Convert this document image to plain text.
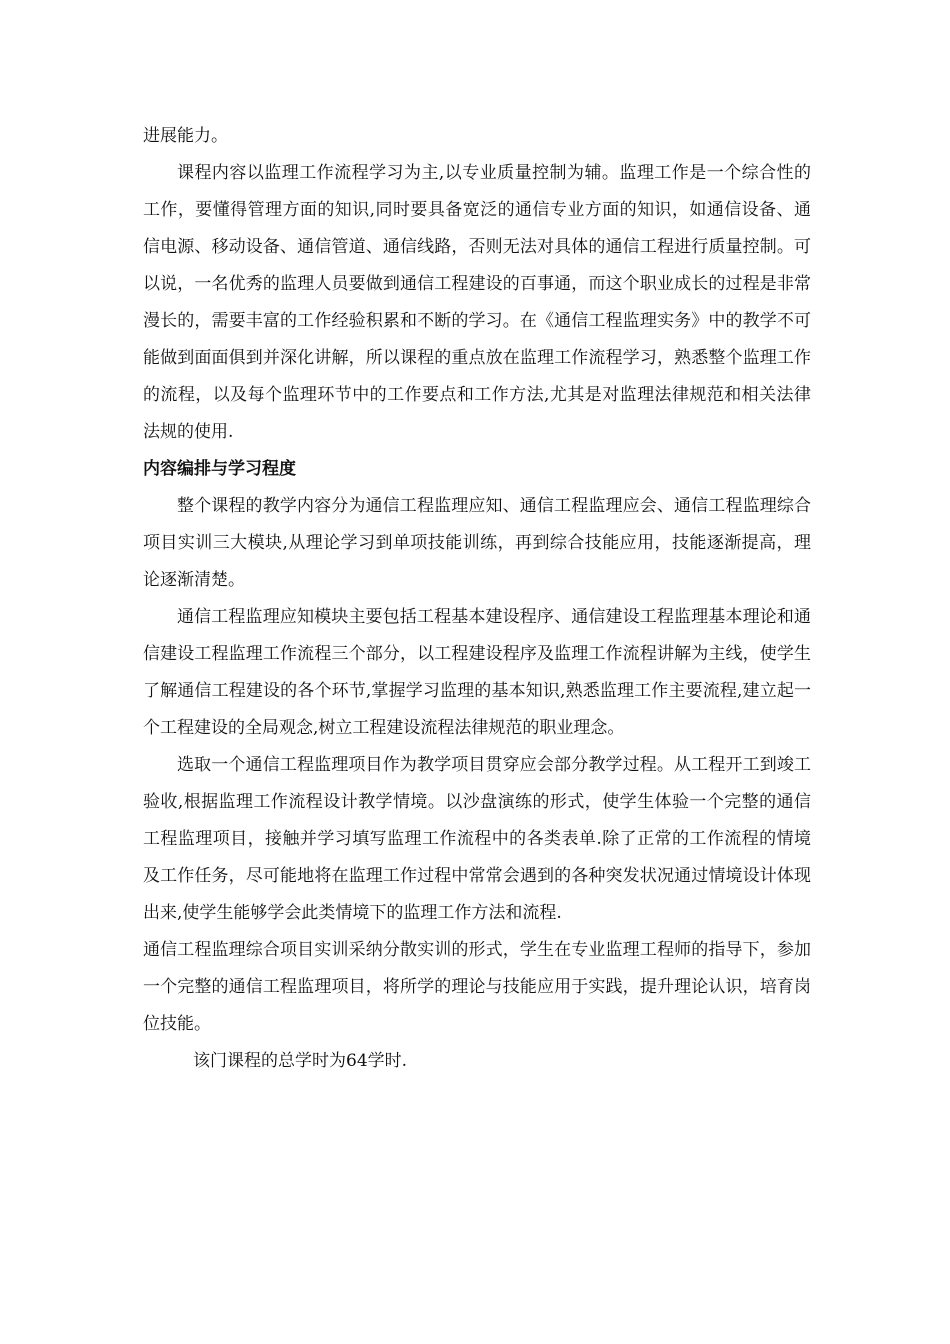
进展能力。

课程内容以监理工作流程学习为主,以专业质量控制为辅。监理工作是一个综合性的工作，要懂得管理方面的知识,同时要具备宽泛的通信专业方面的知识，如通信设备、通信电源、移动设备、通信管道、通信线路，否则无法对具体的通信工程进行质量控制。可以说，一名优秀的监理人员要做到通信工程建设的百事通，而这个职业成长的过程是非常漫长的，需要丰富的工作经验积累和不断的学习。在《通信工程监理实务》中的教学不可能做到面面俱到并深化讲解，所以课程的重点放在监理工作流程学习，熟悉整个监理工作的流程，以及每个监理环节中的工作要点和工作方法,尤其是对监理法律规范和相关法律法规的使用.

内容编排与学习程度

整个课程的教学内容分为通信工程监理应知、通信工程监理应会、通信工程监理综合项目实训三大模块,从理论学习到单项技能训练，再到综合技能应用，技能逐渐提高，理论逐渐清楚。

通信工程监理应知模块主要包括工程基本建设程序、通信建设工程监理基本理论和通信建设工程监理工作流程三个部分，以工程建设程序及监理工作流程讲解为主线，使学生了解通信工程建设的各个环节,掌握学习监理的基本知识,熟悉监理工作主要流程,建立起一个工程建设的全局观念,树立工程建设流程法律规范的职业理念。

选取一个通信工程监理项目作为教学项目贯穿应会部分教学过程。从工程开工到竣工验收,根据监理工作流程设计教学情境。以沙盘演练的形式，使学生体验一个完整的通信工程监理项目，接触并学习填写监理工作流程中的各类表单.除了正常的工作流程的情境及工作任务，尽可能地将在监理工作过程中常常会遇到的各种突发状况通过情境设计体现出来,使学生能够学会此类情境下的监理工作方法和流程.

通信工程监理综合项目实训采纳分散实训的形式，学生在专业监理工程师的指导下，参加一个完整的通信工程监理项目，将所学的理论与技能应用于实践，提升理论认识，培育岗位技能。

该门课程的总学时为64学时.
